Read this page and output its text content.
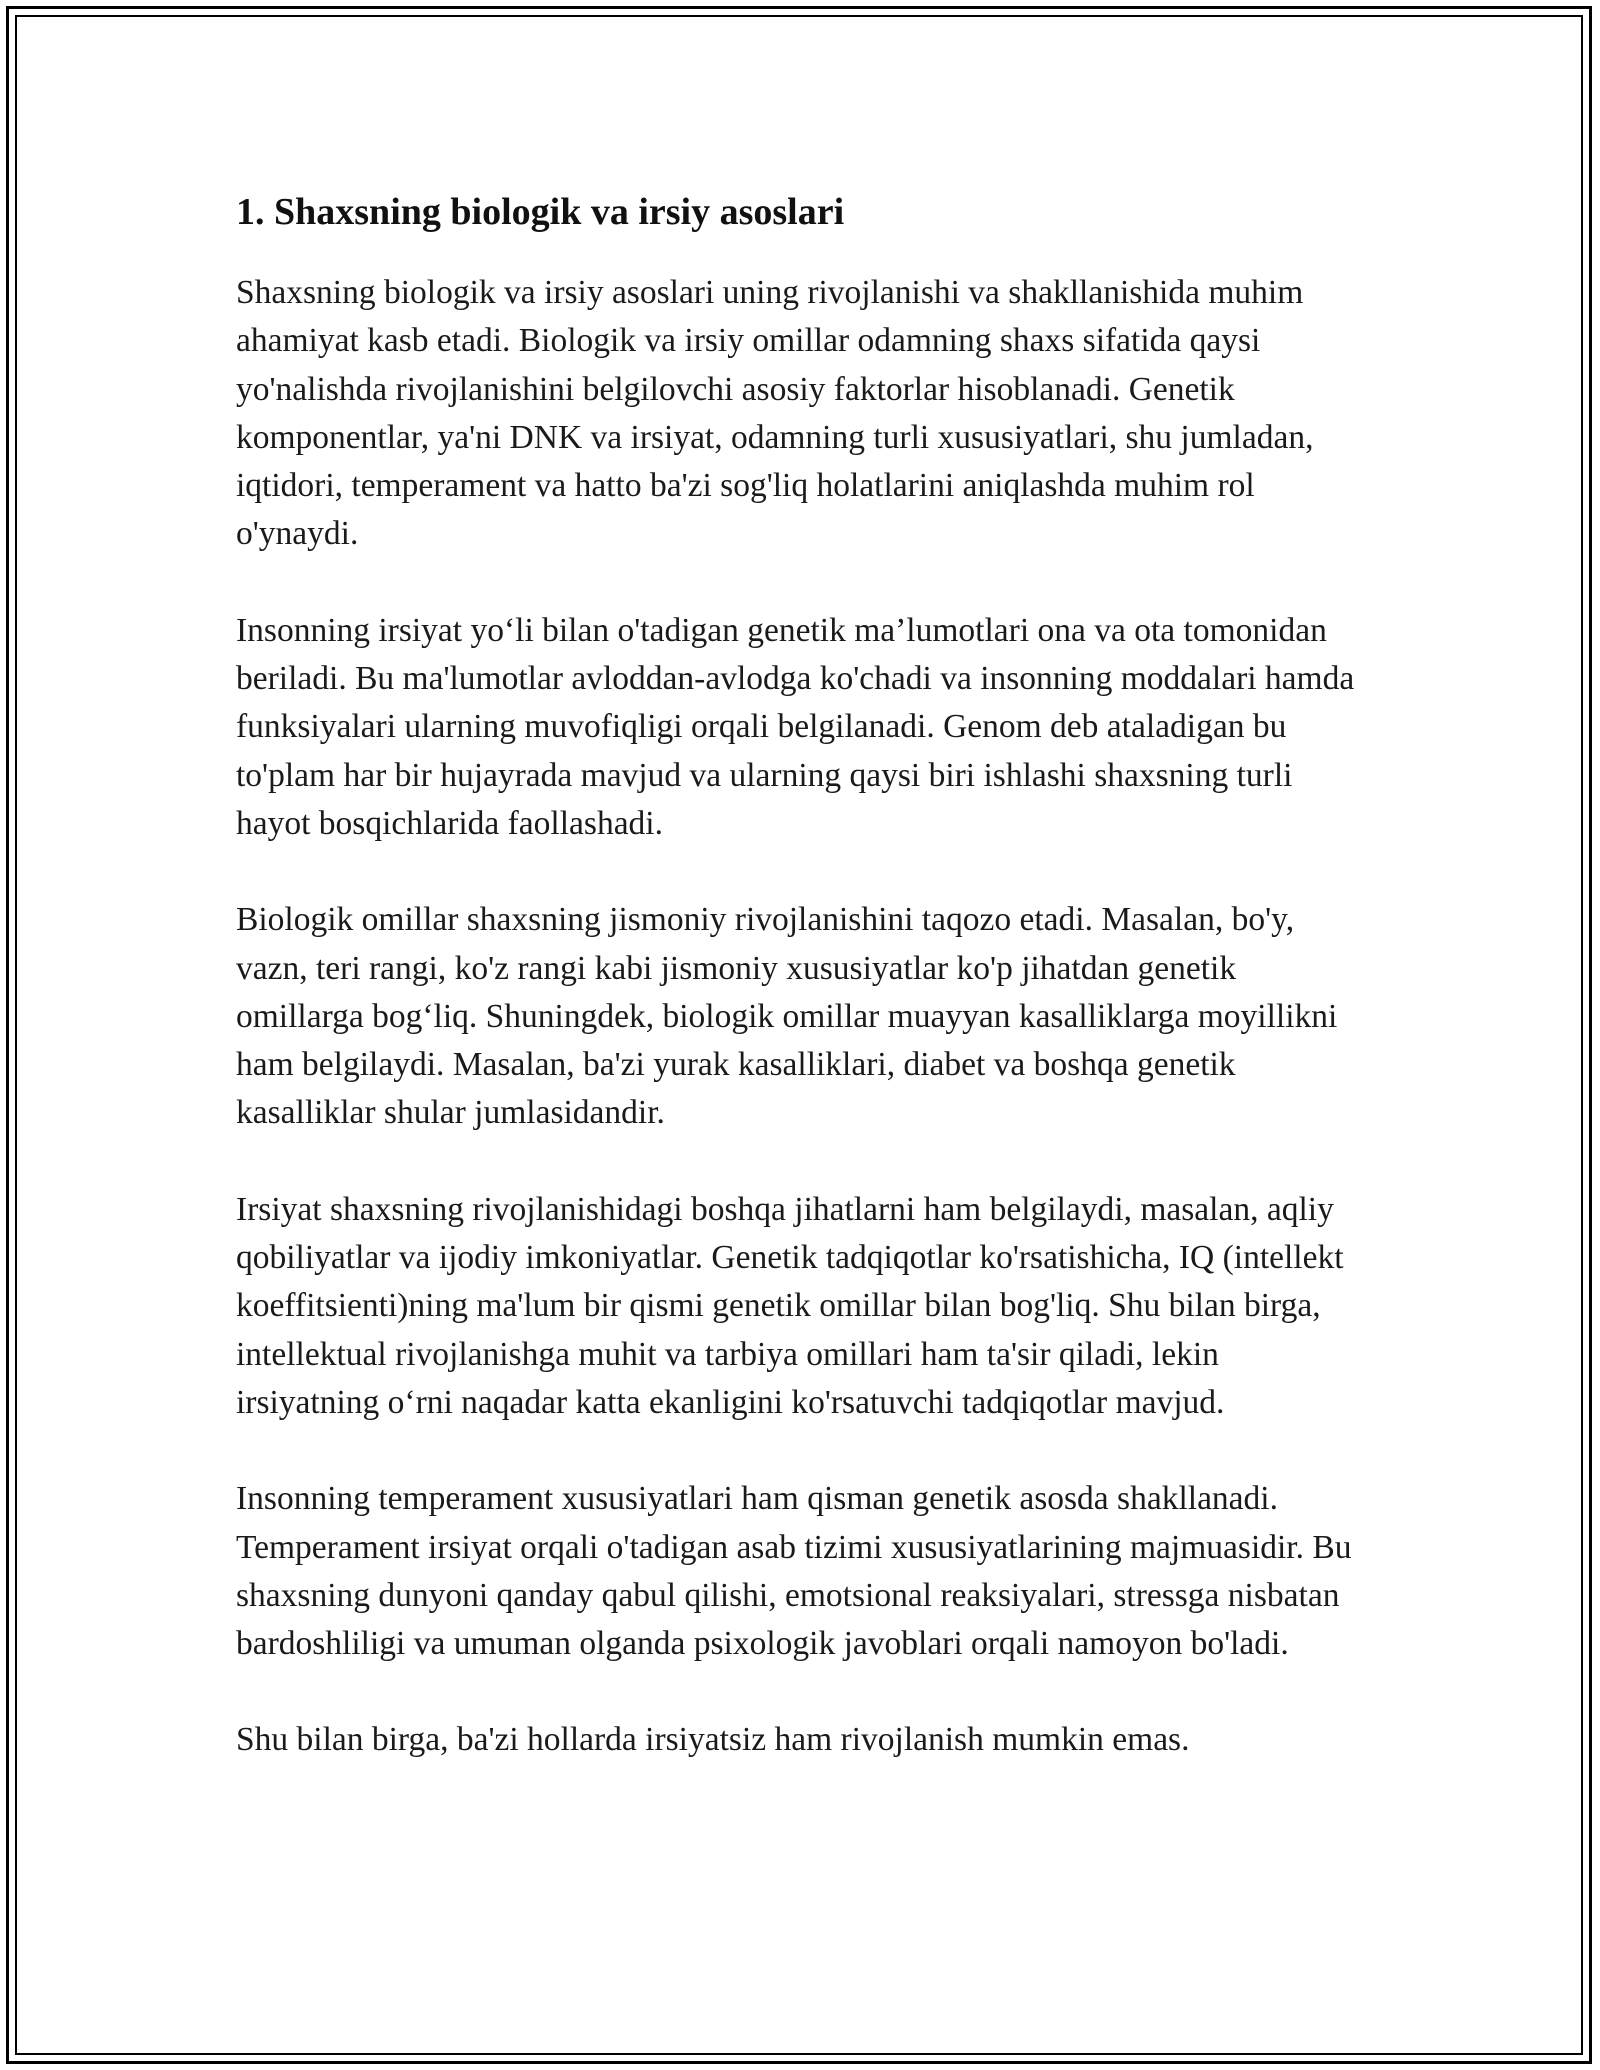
1. Shaxsning biologik va irsiy asoslari

Shaxsning biologik va irsiy asoslari uning rivojlanishi va shakllanishida muhim ahamiyat kasb etadi. Biologik va irsiy omillar odamning shaxs sifatida qaysi yo'nalishda rivojlanishini belgilovchi asosiy faktorlar hisoblanadi. Genetik komponentlar, ya'ni DNK va irsiyat, odamning turli xususiyatlari, shu jumladan, iqtidori, temperament va hatto ba'zi sog'liq holatlarini aniqlashda muhim rol o'ynaydi.

Insonning irsiyat yo‘li bilan o'tadigan genetik ma’lumotlari ona va ota tomonidan beriladi. Bu ma'lumotlar avloddan-avlodga ko'chadi va insonning moddalari hamda funksiyalari ularning muvofiqligi orqali belgilanadi. Genom deb ataladigan bu to'plam har bir hujayrada mavjud va ularning qaysi biri ishlashi shaxsning turli hayot bosqichlarida faollashadi.

Biologik omillar shaxsning jismoniy rivojlanishini taqozo etadi. Masalan, bo'y, vazn, teri rangi, ko'z rangi kabi jismoniy xususiyatlar ko'p jihatdan genetik omillarga bog‘liq. Shuningdek, biologik omillar muayyan kasalliklarga moyillikni ham belgilaydi. Masalan, ba'zi yurak kasalliklari, diabet va boshqa genetik kasalliklar shular jumlasidandir.

Irsiyat shaxsning rivojlanishidagi boshqa jihatlarni ham belgilaydi, masalan, aqliy qobiliyatlar va ijodiy imkoniyatlar. Genetik tadqiqotlar ko'rsatishicha, IQ (intellekt koeffitsienti)ning ma'lum bir qismi genetik omillar bilan bog'liq. Shu bilan birga, intellektual rivojlanishga muhit va tarbiya omillari ham ta'sir qiladi, lekin irsiyatning o‘rni naqadar katta ekanligini ko'rsatuvchi tadqiqotlar mavjud.

Insonning temperament xususiyatlari ham qisman genetik asosda shakllanadi. Temperament irsiyat orqali o'tadigan asab tizimi xususiyatlarining majmuasidir. Bu shaxsning dunyoni qanday qabul qilishi, emotsional reaksiyalari, stressga nisbatan bardoshliligi va umuman olganda psixologik javoblari orqali namoyon bo'ladi.

Shu bilan birga, ba'zi hollarda irsiyatsiz ham rivojlanish mumkin emas.
